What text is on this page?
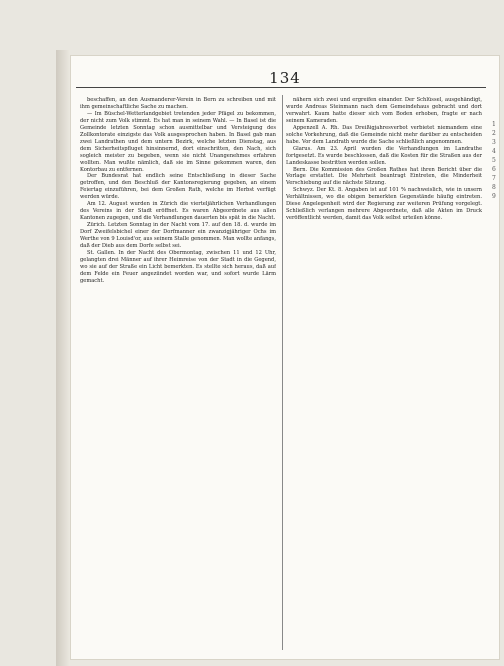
134

beschaffen, an den Ausmanderer-Verein in Bern zu schreiben und mit ihm gemeinschaftliche Sache zu machen.

— Im Büschel-Wetterlandgebiet tretenden jeder Pfägel zu bekommen, der nicht zum Volk stimmt. Es hat man in seinem Wahl. — In Basel ist die Gemeinde letzten Sonntag schon ausmittelbar und Versteigung des Zollkontorate einzigste das Volk ausgesprochen haben. In Basel gab man zwei Landrathen und dem untern Bezirk, welche letzten Dienstag, aus dem Sicherheitspfluget hinsinnernd, dort einschritten, den Nach, sich sogleich meister zu begeben, wenn sie nicht Unangenehmes erfahren wollten. Man wußte nämlich, daß sie im Sinne gekommen waren, den Kontorbau zu entfernen.

Der Bundesrat hat endlich seine Entschließung in dieser Sache getroffen, und den Beschluß der Kantonsregierung gegeben, an einem Feiertag einzuführen, bei dem Großen Rath, welche im Herbst verfügt werden würde.

Am 12. August wurden in Zürich die vierteljährlichen Verhandlungen des Vereins in der Stadt eröffnet. Es waren Abgeordnete aus allen Kantonen zugegen, und die Verhandlungen dauerten bis spät in die Nacht.

Zürich. Letzten Sonntag in der Nacht vom 17. auf den 18. d. wurde im Dorf Zweifelsbichel einer der Dorfmanner ein zwanzigjähriger Ochs im Werthe von 9 Louisd'or, aus seinem Stalle genommen. Man wollte anfangs, daß der Dieb aus dem Dorfe selbst sei.

St. Gallen. In der Nacht des Obermontag, zwischen 11 und 12 Uhr, gelangten drei Männer auf ihrer Heimreise von der Stadt in die Gegend, wo sie auf der Straße ein Licht bemerkten. Es stellte sich heraus, daß auf dem Felde ein Feuer angezündet worden war, und sofort wurde Lärm gemacht.

nähern sich zwei und ergreifen einander. Der Schlüssel, ausgehändigt, wurde Andreas Steinmann nach dem Gemeindehaus gebracht und dort verwahrt. Kaum hatte dieser sich vom Boden erhoben, fragte er nach seinem Kameraden.

Appenzell A. Rh. Das Dreißigjahresverbot verbietet niemandem eine solche Vorkehrung, daß die Gemeinde nicht mehr darüber zu entscheiden habe. Vor dem Landrath wurde die Sache schließlich angenommen.

Glarus. Am 23. April wurden die Verhandlungen im Landrathe fortgesetzt. Es wurde beschlossen, daß die Kosten für die Straßen aus der Landeskasse bestritten werden sollen.

Bern. Die Kommission des Großen Rathes hat ihren Bericht über die Vorlage erstattet. Die Mehrheit beantragt Eintreten, die Minderheit Verschiebung auf die nächste Sitzung.

Schwyz. Der Kt. 8. Angaben ist auf 101 % nachweislich, wie in unsern Verhältnissen, wo die obigen bemerkten Gegenstände häufig eintreten. Diese Angelegenheit wird der Regierung zur weiteren Prüfung vorgelegt. Schließlich verlangen mehrere Abgeordnete, daß alle Akten im Druck veröffentlicht werden, damit das Volk selbst urteilen könne.

1
2
3
4
5
6
7
8
9
